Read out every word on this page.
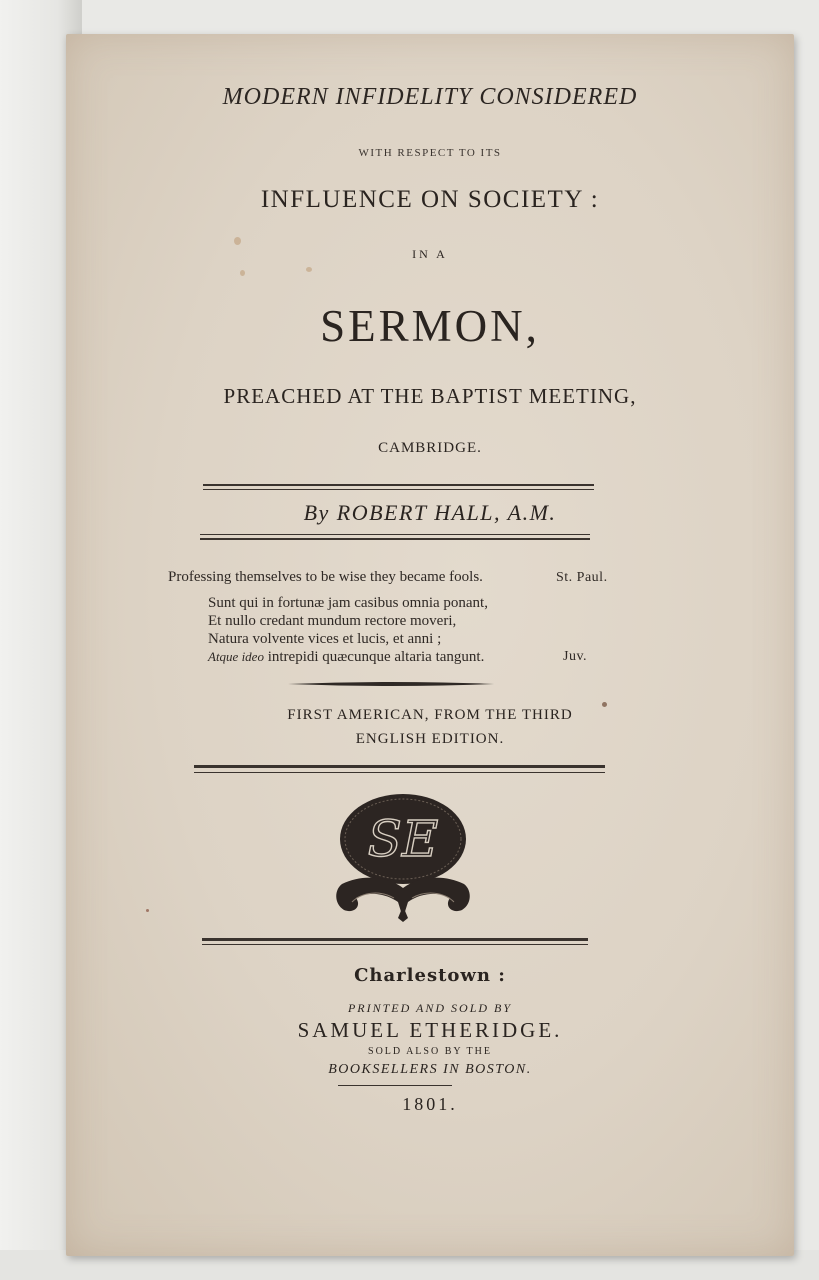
MODERN INFIDELITY CONSIDERED
WITH RESPECT TO ITS
INFLUENCE ON SOCIETY :
IN A
SERMON,
PREACHED AT THE BAPTIST MEETING,
CAMBRIDGE.
By ROBERT HALL, A.M.
Professing themselves to be wise they became fools.	St. Paul.
Sunt qui in fortunæ jam casibus omnia ponant,
Et nullo credant mundum rectore moveri,
Natura volvente vices et lucis, et anni ;
Atque ideo intrepidi quæcunque altaria tangunt.	Juv.
FIRST AMERICAN, FROM THE THIRD
ENGLISH EDITION.
SE
Charlestown :
PRINTED AND SOLD BY
SAMUEL ETHERIDGE.
SOLD ALSO BY THE
BOOKSELLERS IN BOSTON.
1801.
